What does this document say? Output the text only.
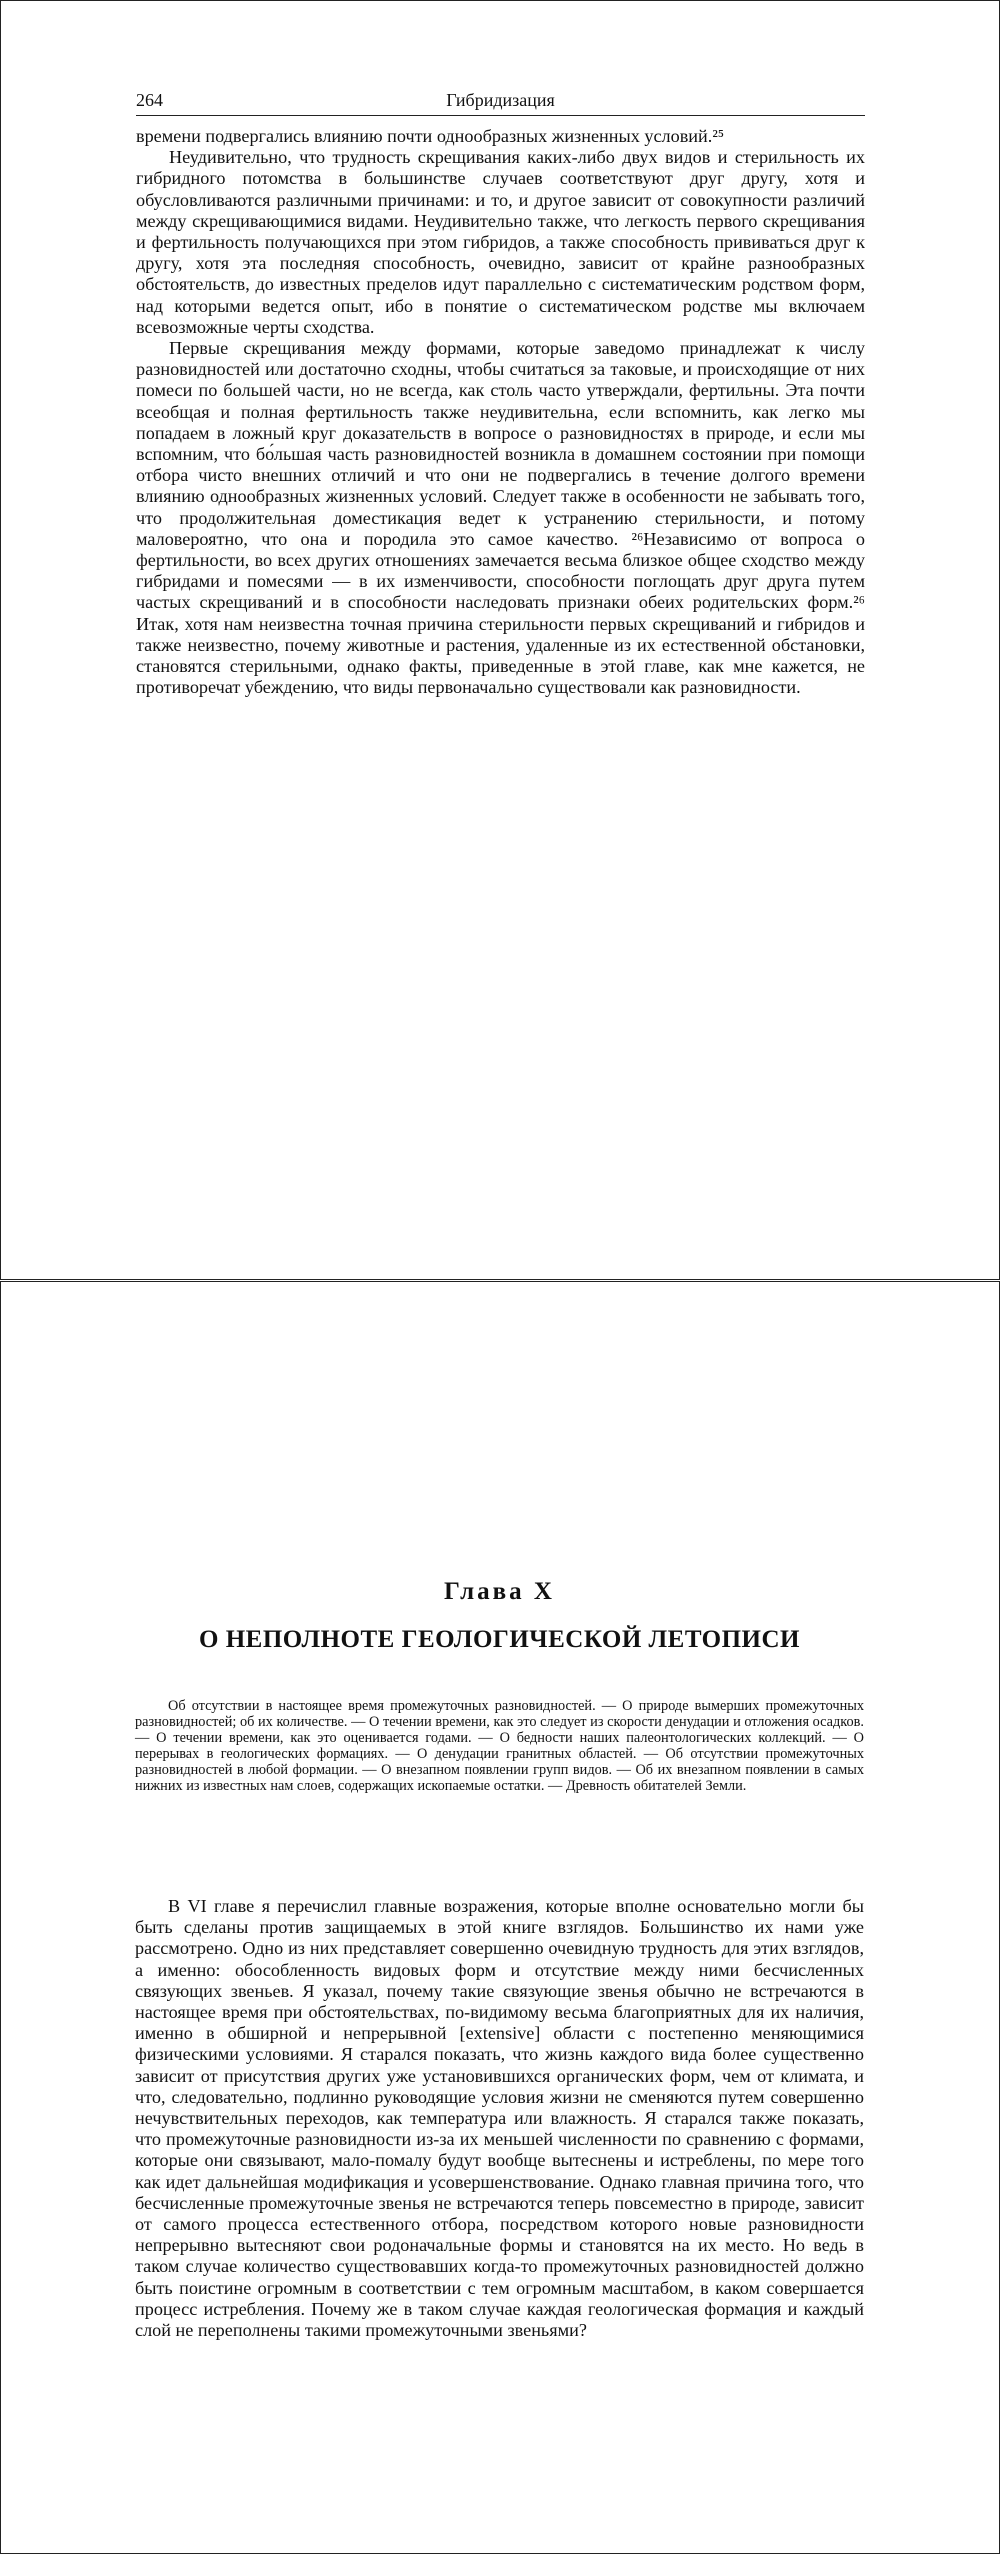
264	Гибридизация

времени подвергались влиянию почти однообразных жизненных условий.²⁵

Неудивительно, что трудность скрещивания каких-либо двух видов и стерильность их гибридного потомства в большинстве случаев соответствуют друг другу, хотя и обусловливаются различными причинами: и то, и другое зависит от совокупности различий между скрещивающимися видами. Неудивительно также, что легкость первого скрещивания и фертильность получающихся при этом гибридов, а также способность прививаться друг к другу, хотя эта последняя способность, очевидно, зависит от крайне разнообразных обстоятельств, до известных пределов идут параллельно с систематическим родством форм, над которыми ведется опыт, ибо в понятие о систематическом родстве мы включаем всевозможные черты сходства.

Первые скрещивания между формами, которые заведомо принадлежат к числу разновидностей или достаточно сходны, чтобы считаться за таковые, и происходящие от них помеси по большей части, но не всегда, как столь часто утверждали, фертильны. Эта почти всеобщая и полная фертильность также неудивительна, если вспомнить, как легко мы попадаем в ложный круг доказательств в вопросе о разновидностях в природе, и если мы вспомним, что бо́льшая часть разновидностей возникла в домашнем состоянии при помощи отбора чисто внешних отличий и что они не подвергались в течение долгого времени влиянию однообразных жизненных условий. Следует также в особенности не забывать того, что продолжительная доместикация ведет к устранению стерильности, и потому маловероятно, что она и породила это самое качество. ²⁶Независимо от вопроса о фертильности, во всех других отношениях замечается весьма близкое общее сходство между гибридами и помесями — в их изменчивости, способности поглощать друг друга путем частых скрещиваний и в способности наследовать признаки обеих родительских форм.²⁶ Итак, хотя нам неизвестна точная причина стерильности первых скрещиваний и гибридов и также неизвестно, почему животные и растения, удаленные из их естественной обстановки, становятся стерильными, однако факты, приведенные в этой главе, как мне кажется, не противоречат убеждению, что виды первоначально существовали как разновидности.

Глава X
О НЕПОЛНОТЕ ГЕОЛОГИЧЕСКОЙ ЛЕТОПИСИ
Об отсутствии в настоящее время промежуточных разновидностей. — О природе вымерших промежуточных разновидностей; об их количестве. — О течении времени, как это следует из скорости денудации и отложения осадков. — О течении времени, как это оценивается годами. — О бедности наших палеонтологических коллекций. — О перерывах в геологических формациях. — О денудации гранитных областей. — Об отсутствии промежуточных разновидностей в любой формации. — О внезапном появлении групп видов. — Об их внезапном появлении в самых нижних из известных нам слоев, содержащих ископаемые остатки. — Древность обитателей Земли.

В VI главе я перечислил главные возражения, которые вполне основательно могли бы быть сделаны против защищаемых в этой книге взглядов. Большинство их нами уже рассмотрено. Одно из них представляет совершенно очевидную трудность для этих взглядов, а именно: обособленность видовых форм и отсутствие между ними бесчисленных связующих звеньев. Я указал, почему такие связующие звенья обычно не встречаются в настоящее время при обстоятельствах, по-видимому весьма благоприятных для их наличия, именно в обширной и непрерывной [extensive] области с постепенно меняющимися физическими условиями. Я старался показать, что жизнь каждого вида более существенно зависит от присутствия других уже установившихся органических форм, чем от климата, и что, следовательно, подлинно руководящие условия жизни не сменяются путем совершенно нечувствительных переходов, как температура или влажность. Я старался также показать, что промежуточные разновидности из-за их меньшей численности по сравнению с формами, которые они связывают, мало-помалу будут вообще вытеснены и истреблены, по мере того как идет дальнейшая модификация и усовершенствование. Однако главная причина того, что бесчисленные промежуточные звенья не встречаются теперь повсеместно в природе, зависит от самого процесса естественного отбора, посредством которого новые разновидности непрерывно вытесняют свои родоначальные формы и становятся на их место. Но ведь в таком случае количество существовавших когда-то промежуточных разновидностей должно быть поистине огромным в соответствии с тем огромным масштабом, в каком совершается процесс истребления. Почему же в таком случае каждая геологическая формация и каждый слой не переполнены такими промежуточными звеньями?
